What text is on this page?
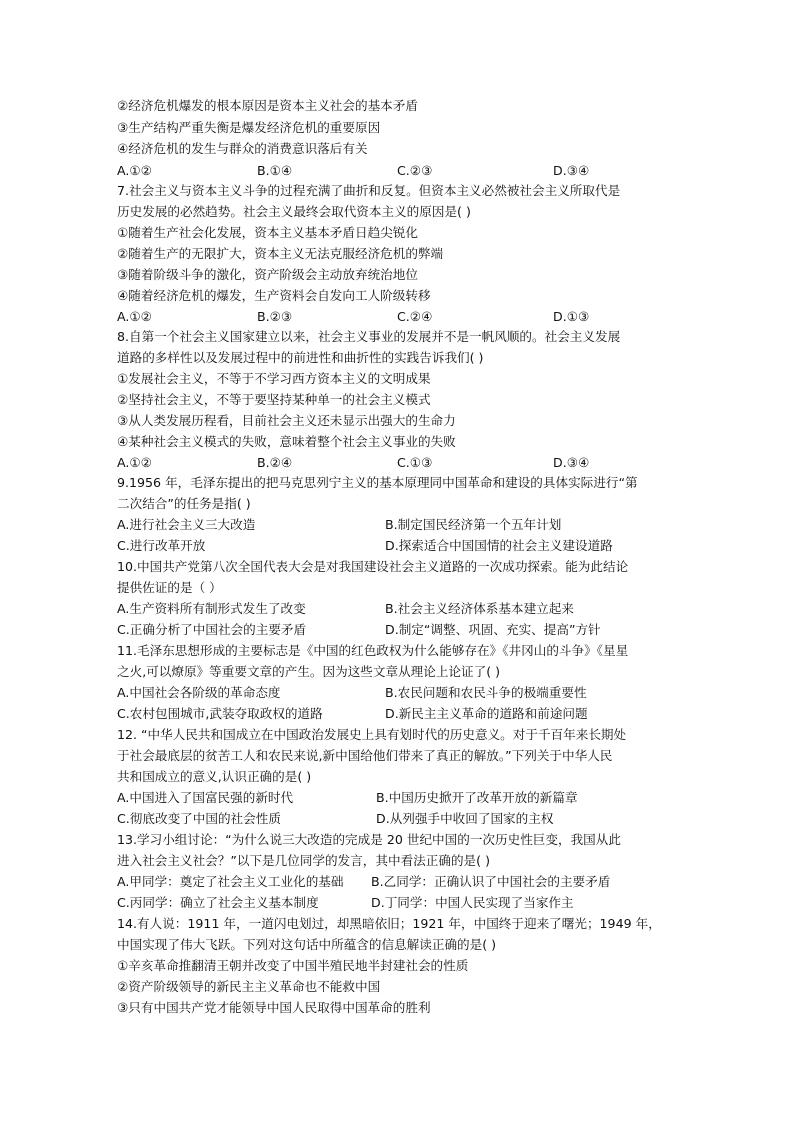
②经济危机爆发的根本原因是资本主义社会的基本矛盾
③生产结构严重失衡是爆发经济危机的重要原因
④经济危机的发生与群众的消费意识落后有关
A.①②	B.①④	C.②③	D.③④
7.社会主义与资本主义斗争的过程充满了曲折和反复。但资本主义必然被社会主义所取代是
历史发展的必然趋势。社会主义最终会取代资本主义的原因是( )
①随着生产社会化发展，资本主义基本矛盾日趋尖锐化
②随着生产的无限扩大，资本主义无法克服经济危机的弊端
③随着阶级斗争的激化，资产阶级会主动放弃统治地位
④随着经济危机的爆发，生产资料会自发向工人阶级转移
A.①②	B.②③	C.②④	D.①③
8.自第一个社会主义国家建立以来，社会主义事业的发展并不是一帆风顺的。社会主义发展
道路的多样性以及发展过程中的前进性和曲折性的实践告诉我们( )
①发展社会主义，不等于不学习西方资本主义的文明成果
②坚持社会主义，不等于要坚持某种单一的社会主义模式
③从人类发展历程看，目前社会主义还未显示出强大的生命力
④某种社会主义模式的失败，意味着整个社会主义事业的失败
A.①②	B.②④	C.①③	D.③④
9.1956 年，毛泽东提出的把马克思列宁主义的基本原理同中国革命和建设的具体实际进行“第
二次结合”的任务是指( )
A.进行社会主义三大改造	B.制定国民经济第一个五年计划
C.进行改革开放	D.探索适合中国国情的社会主义建设道路
10.中国共产党第八次全国代表大会是对我国建设社会主义道路的一次成功探索。能为此结论
提供佐证的是（ ）
A.生产资料所有制形式发生了改变	B.社会主义经济体系基本建立起来
C.正确分析了中国社会的主要矛盾	D.制定“调整、巩固、充实、提高”方针
11.毛泽东思想形成的主要标志是《中国的红色政权为什么能够存在》《井冈山的斗争》《星星
之火,可以燎原》等重要文章的产生。因为这些文章从理论上论证了( )
A.中国社会各阶级的革命态度	B.农民问题和农民斗争的极端重要性
C.农村包围城市,武装夺取政权的道路	D.新民主主义革命的道路和前途问题
12. “中华人民共和国成立在中国政治发展史上具有划时代的历史意义。对于千百年来长期处
于社会最底层的贫苦工人和农民来说,新中国给他们带来了真正的解放。”下列关于中华人民
共和国成立的意义,认识正确的是( )
A.中国进入了国富民强的新时代	B.中国历史掀开了改革开放的新篇章
C.彻底改变了中国的社会性质	D.从列强手中收回了国家的主权
13.学习小组讨论：“为什么说三大改造的完成是 20 世纪中国的一次历史性巨变，我国从此
进入社会主义社会？”以下是几位同学的发言，其中看法正确的是( )
A.甲同学：奠定了社会主义工业化的基础 B.乙同学：正确认识了中国社会的主要矛盾
C.丙同学：确立了社会主义基本制度	D.丁同学：中国人民实现了当家作主
14.有人说：1911 年，一道闪电划过，却黑暗依旧；1921 年，中国终于迎来了曙光；1949 年，
中国实现了伟大飞跃。下列对这句话中所蕴含的信息解读正确的是( )
①辛亥革命推翻清王朝并改变了中国半殖民地半封建社会的性质
②资产阶级领导的新民主主义革命也不能救中国
③只有中国共产党才能领导中国人民取得中国革命的胜利
